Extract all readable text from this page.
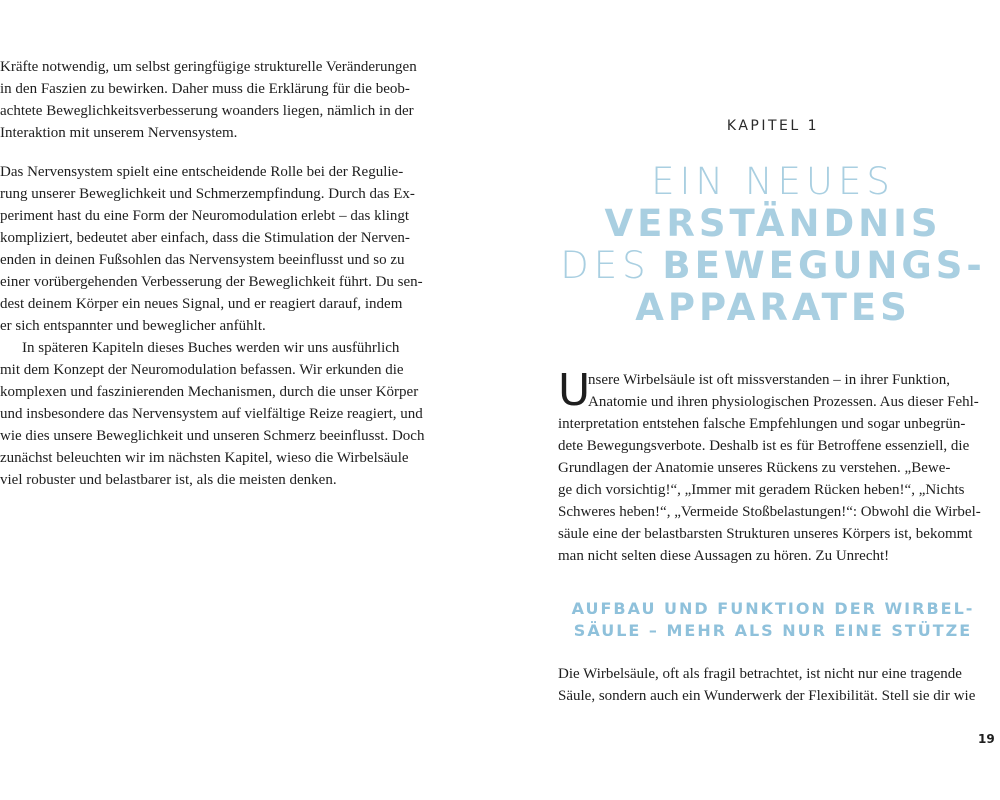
Kräfte notwendig, um selbst geringfügige strukturelle Veränderungen
in den Faszien zu bewirken. Daher muss die Erklärung für die beob-
achtete Beweglichkeitsverbesserung woanders liegen, nämlich in der
Interaktion mit unserem Nervensystem.
Das Nervensystem spielt eine entscheidende Rolle bei der Regulie-
rung unserer Beweglichkeit und Schmerzempfindung. Durch das Ex-
periment hast du eine Form der Neuromodulation erlebt – das klingt
kompliziert, bedeutet aber einfach, dass die Stimulation der Nerven-
enden in deinen Fußsohlen das Nervensystem beeinflusst und so zu
einer vorübergehenden Verbesserung der Beweglichkeit führt. Du sen-
dest deinem Körper ein neues Signal, und er reagiert darauf, indem
er sich entspannter und beweglicher anfühlt.
In späteren Kapiteln dieses Buches werden wir uns ausführlich
mit dem Konzept der Neuromodulation befassen. Wir erkunden die
komplexen und faszinierenden Mechanismen, durch die unser Körper
und insbesondere das Nervensystem auf vielfältige Reize reagiert, und
wie dies unsere Beweglichkeit und unseren Schmerz beeinflusst. Doch
zunächst beleuchten wir im nächsten Kapitel, wieso die Wirbelsäule
viel robuster und belastbarer ist, als die meisten denken.
KAPITEL 1
EIN NEUES
VERSTÄNDNIS
DES BEWEGUNGS-
APPARATES
U
nsere Wirbelsäule ist oft missverstanden – in ihrer Funktion,
Anatomie und ihren physiologischen Prozessen. Aus dieser Fehl-
interpretation entstehen falsche Empfehlungen und sogar unbegrün-
dete Bewegungsverbote. Deshalb ist es für Betroffene essenziell, die
Grundlagen der Anatomie unseres Rückens zu verstehen. „Bewe-
ge dich vorsichtig!“, „Immer mit geradem Rücken heben!“, „Nichts
Schweres heben!“, „Vermeide Stoßbelastungen!“: Obwohl die Wirbel-
säule eine der belastbarsten Strukturen unseres Körpers ist, bekommt
man nicht selten diese Aussagen zu hören. Zu Unrecht!
AUFBAU UND FUNKTION DER WIRBEL-
SÄULE – MEHR ALS NUR EINE STÜTZE
Die Wirbelsäule, oft als fragil betrachtet, ist nicht nur eine tragende
Säule, sondern auch ein Wunderwerk der Flexibilität. Stell sie dir wie
19
